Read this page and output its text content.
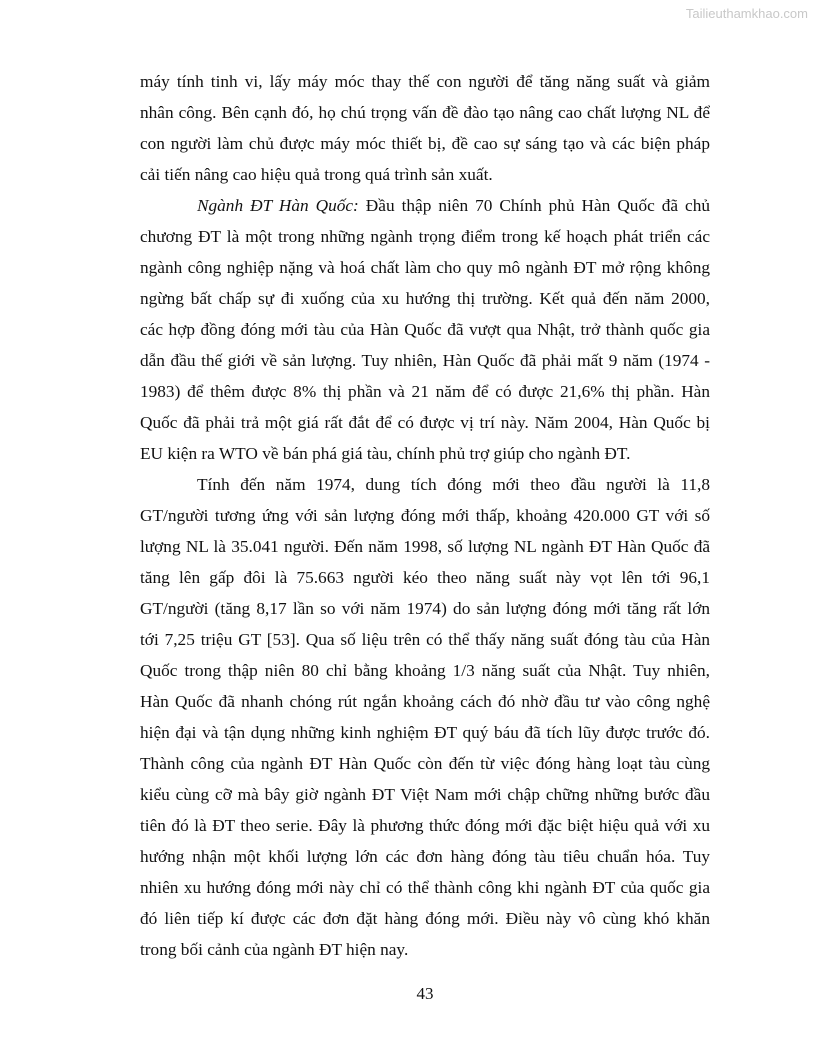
Tailieuthamkhao.com
máy tính tinh vi, lấy máy móc thay thế con người để tăng năng suất và giảm
nhân công. Bên cạnh đó, họ chú trọng vấn đề đào tạo nâng cao chất lượng NL để
con người làm chủ được máy móc thiết bị, đề cao sự sáng tạo và các biện pháp
cải tiến nâng cao hiệu quả trong quá trình sản xuất.
Ngành ĐT Hàn Quốc: Đầu thập niên 70 Chính phủ Hàn Quốc đã chủ
chương ĐT là một trong những ngành trọng điểm trong kế hoạch phát triển các
ngành công nghiệp nặng và hoá chất làm cho quy mô ngành ĐT mở rộng không
ngừng bất chấp sự đi xuống của xu hướng thị trường. Kết quả đến năm 2000,
các hợp đồng đóng mới tàu của Hàn Quốc đã vượt qua Nhật, trở thành quốc gia
dẫn đầu thế giới về sản lượng. Tuy nhiên, Hàn Quốc đã phải mất 9 năm (1974 -
1983) để thêm được 8% thị phần và 21 năm để có được 21,6% thị phần. Hàn
Quốc đã phải trả một giá rất đắt để có được vị trí này. Năm 2004, Hàn Quốc bị
EU kiện ra WTO về bán phá giá tàu, chính phủ trợ giúp cho ngành ĐT.
Tính đến năm 1974, dung tích đóng mới theo đầu người là 11,8
GT/người tương ứng với sản lượng đóng mới thấp, khoảng 420.000 GT với số
lượng NL là 35.041 người. Đến năm 1998, số lượng NL ngành ĐT Hàn Quốc đã
tăng lên gấp đôi là 75.663 người kéo theo năng suất này vọt lên tới 96,1
GT/người (tăng 8,17 lần so với năm 1974) do sản lượng đóng mới tăng rất lớn
tới 7,25 triệu GT [53]. Qua số liệu trên có thể thấy năng suất đóng tàu của Hàn
Quốc trong thập niên 80 chỉ bằng khoảng 1/3 năng suất của Nhật. Tuy nhiên,
Hàn Quốc đã nhanh chóng rút ngắn khoảng cách đó nhờ đầu tư vào công nghệ
hiện đại và tận dụng những kinh nghiệm ĐT quý báu đã tích lũy được trước đó.
Thành công của ngành ĐT Hàn Quốc còn đến từ việc đóng hàng loạt tàu cùng
kiểu cùng cỡ mà bây giờ ngành ĐT Việt Nam mới chập chững những bước đầu
tiên đó là ĐT theo serie. Đây là phương thức đóng mới đặc biệt hiệu quả với xu
hướng nhận một khối lượng lớn các đơn hàng đóng tàu tiêu chuẩn hóa. Tuy
nhiên xu hướng đóng mới này chỉ có thể thành công khi ngành ĐT của quốc gia
đó liên tiếp kí được các đơn đặt hàng đóng mới. Điều này vô cùng khó khăn
trong bối cảnh của ngành ĐT hiện nay.
43
